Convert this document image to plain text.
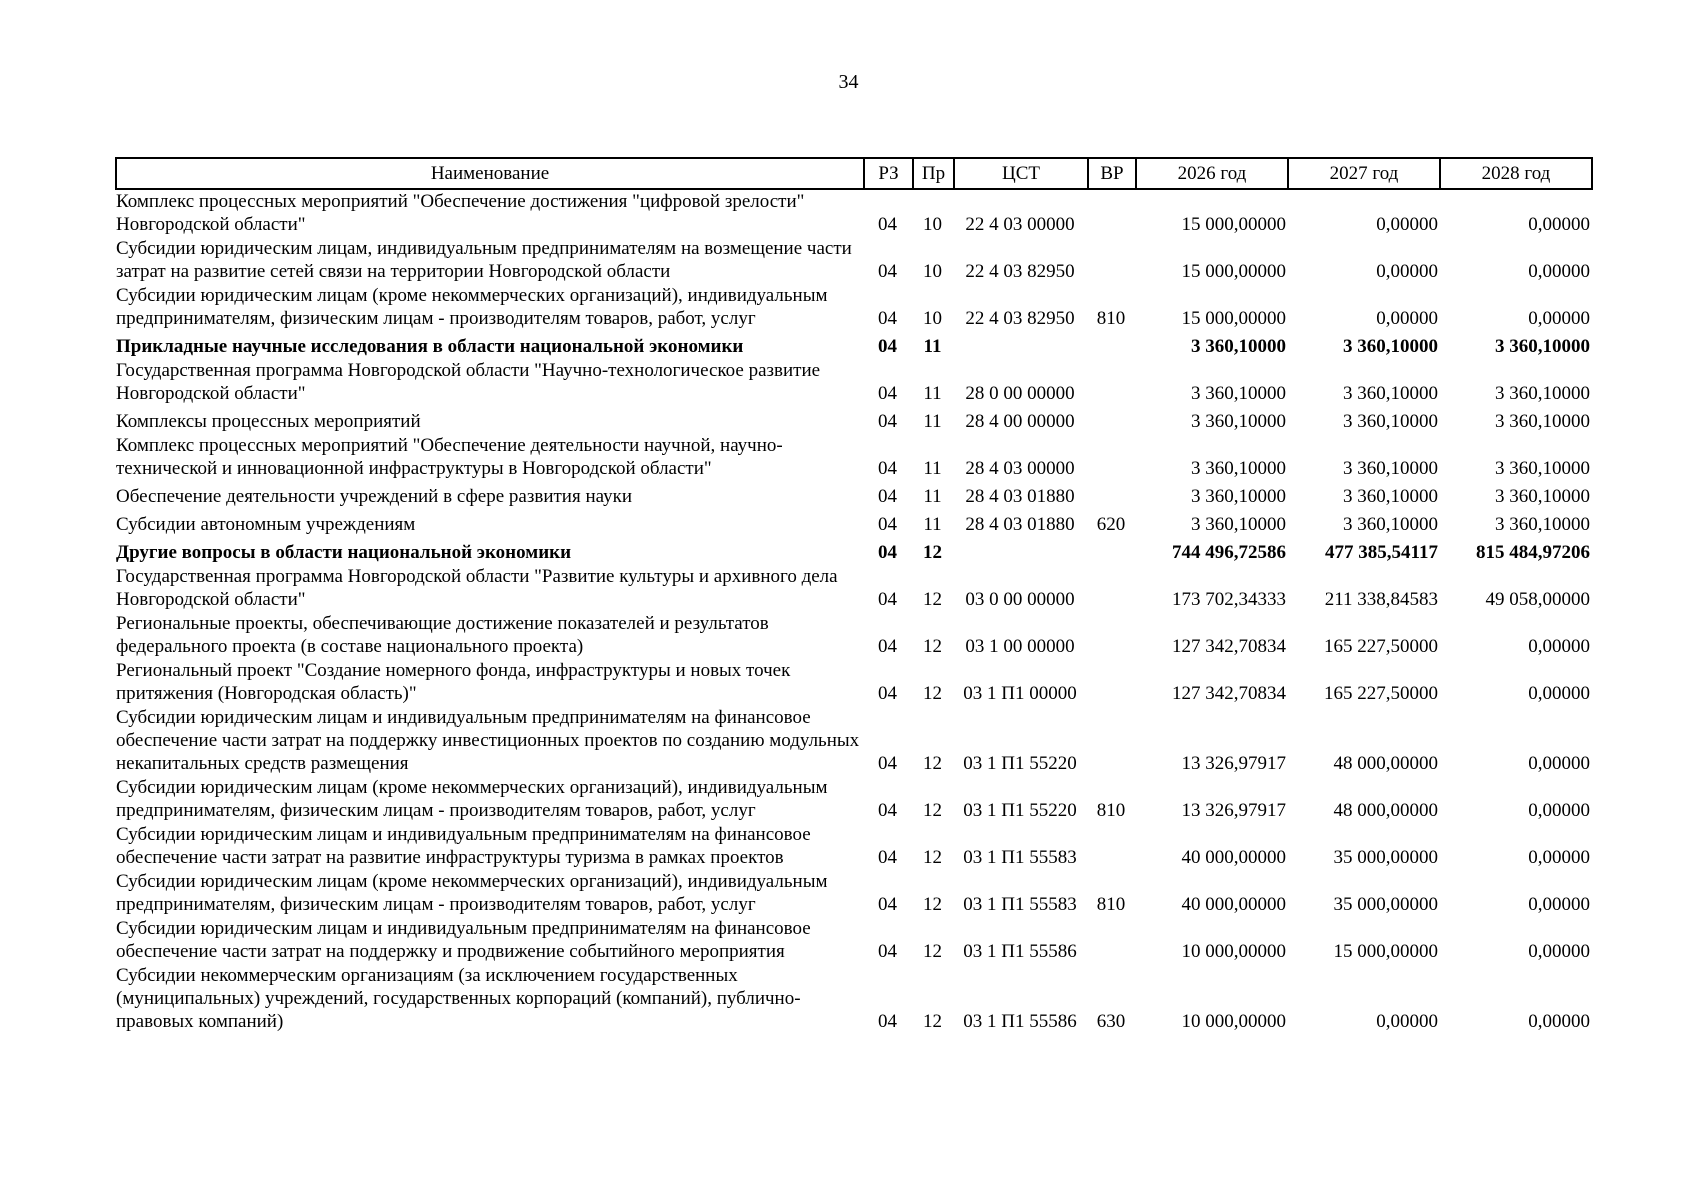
34
Наименование	РЗ	Пр	ЦСТ	ВР	2026 год	2027 год	2028 год
Комплекс процессных мероприятий "Обеспечение достижения "цифровой зрелости" Новгородской области"	04	10	22 4 03 00000		15 000,00000	0,00000	0,00000
Субсидии юридическим лицам, индивидуальным предпринимателям на возмещение части затрат на развитие сетей связи на территории Новгородской области	04	10	22 4 03 82950		15 000,00000	0,00000	0,00000
Субсидии юридическим лицам (кроме некоммерческих организаций), индивидуальным предпринимателям, физическим лицам - производителям товаров, работ, услуг	04	10	22 4 03 82950	810	15 000,00000	0,00000	0,00000
Прикладные научные исследования в области национальной экономики	04	11			3 360,10000	3 360,10000	3 360,10000
Государственная программа Новгородской области "Научно-технологическое развитие Новгородской области"	04	11	28 0 00 00000		3 360,10000	3 360,10000	3 360,10000
Комплексы процессных мероприятий	04	11	28 4 00 00000		3 360,10000	3 360,10000	3 360,10000
Комплекс процессных мероприятий "Обеспечение деятельности научной, научно-технической и инновационной инфраструктуры в Новгородской области"	04	11	28 4 03 00000		3 360,10000	3 360,10000	3 360,10000
Обеспечение деятельности учреждений в сфере развития науки	04	11	28 4 03 01880		3 360,10000	3 360,10000	3 360,10000
Субсидии автономным учреждениям	04	11	28 4 03 01880	620	3 360,10000	3 360,10000	3 360,10000
Другие вопросы в области национальной экономики	04	12			744 496,72586	477 385,54117	815 484,97206
Государственная программа Новгородской области "Развитие культуры и архивного дела Новгородской области"	04	12	03 0 00 00000		173 702,34333	211 338,84583	49 058,00000
Региональные проекты, обеспечивающие достижение показателей и результатов федерального проекта (в составе национального проекта)	04	12	03 1 00 00000		127 342,70834	165 227,50000	0,00000
Региональный проект "Создание номерного фонда, инфраструктуры и новых точек притяжения (Новгородская область)"	04	12	03 1 П1 00000		127 342,70834	165 227,50000	0,00000
Субсидии юридическим лицам и индивидуальным предпринимателям на финансовое обеспечение части затрат на поддержку инвестиционных проектов по созданию модульных некапитальных средств размещения	04	12	03 1 П1 55220		13 326,97917	48 000,00000	0,00000
Субсидии юридическим лицам (кроме некоммерческих организаций), индивидуальным предпринимателям, физическим лицам - производителям товаров, работ, услуг	04	12	03 1 П1 55220	810	13 326,97917	48 000,00000	0,00000
Субсидии юридическим лицам и индивидуальным предпринимателям на финансовое обеспечение части затрат на развитие инфраструктуры туризма в рамках проектов	04	12	03 1 П1 55583		40 000,00000	35 000,00000	0,00000
Субсидии юридическим лицам (кроме некоммерческих организаций), индивидуальным предпринимателям, физическим лицам - производителям товаров, работ, услуг	04	12	03 1 П1 55583	810	40 000,00000	35 000,00000	0,00000
Субсидии юридическим лицам и индивидуальным предпринимателям на финансовое обеспечение части затрат на поддержку и продвижение событийного мероприятия	04	12	03 1 П1 55586		10 000,00000	15 000,00000	0,00000
Субсидии некоммерческим организациям (за исключением государственных (муниципальных) учреждений, государственных корпораций (компаний), публично-правовых компаний)	04	12	03 1 П1 55586	630	10 000,00000	0,00000	0,00000
